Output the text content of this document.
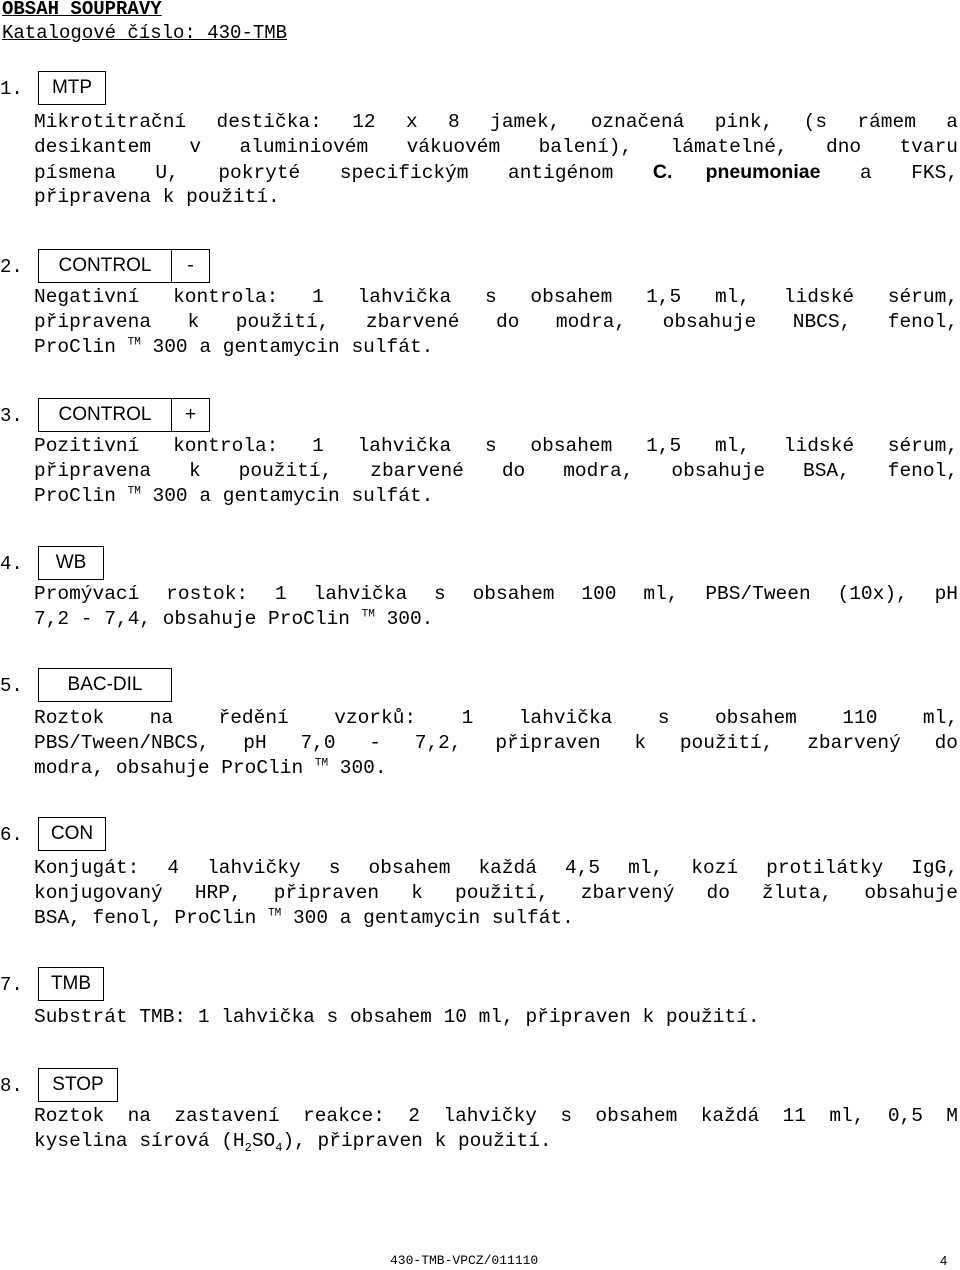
OBSAH SOUPRAVY
Katalogové číslo: 430-TMB
1.	MTP
Mikrotitrační destička: 12 x 8 jamek, označená pink, (s rámem a
desikantem v aluminiovém vákuovém balení), lámatelné, dno tvaru
písmena U, pokryté specifickým antigénom C. pneumoniae a FKS,
připravena k použití.
2.	CONTROL	-
Negativní kontrola: 1 lahvička s obsahem 1,5 ml, lidské sérum,
připravena k použití, zbarvené do modra, obsahuje NBCS, fenol,
ProClin ™ 300 a gentamycin sulfát.
3.	CONTROL	+
Pozitivní kontrola: 1 lahvička s obsahem 1,5 ml, lidské sérum,
připravena k použití, zbarvené do modra, obsahuje BSA, fenol,
ProClin ™ 300 a gentamycin sulfát.
4.	WB
Promývací rostok: 1 lahvička s obsahem 100 ml, PBS/Tween (10x), pH
7,2 - 7,4, obsahuje ProClin ™ 300.
5.	BAC-DIL
Roztok na ředění vzorků: 1 lahvička s obsahem 110 ml,
PBS/Tween/NBCS, pH 7,0 - 7,2, připraven k použití, zbarvený do
modra, obsahuje ProClin ™ 300.
6.	CON
Konjugát: 4 lahvičky s obsahem každá 4,5 ml, kozí protilátky IgG,
konjugovaný HRP, připraven k použití, zbarvený do žluta, obsahuje
BSA, fenol, ProClin ™ 300 a gentamycin sulfát.
7.	TMB
Substrát TMB: 1 lahvička s obsahem 10 ml, připraven k použití.
8.	STOP
Roztok na zastavení reakce: 2 lahvičky s obsahem každá 11 ml, 0,5 M
kyselina sírová $(H_2SO_4)$, připraven k použití.
430-TMB-VPCZ/011110	4
